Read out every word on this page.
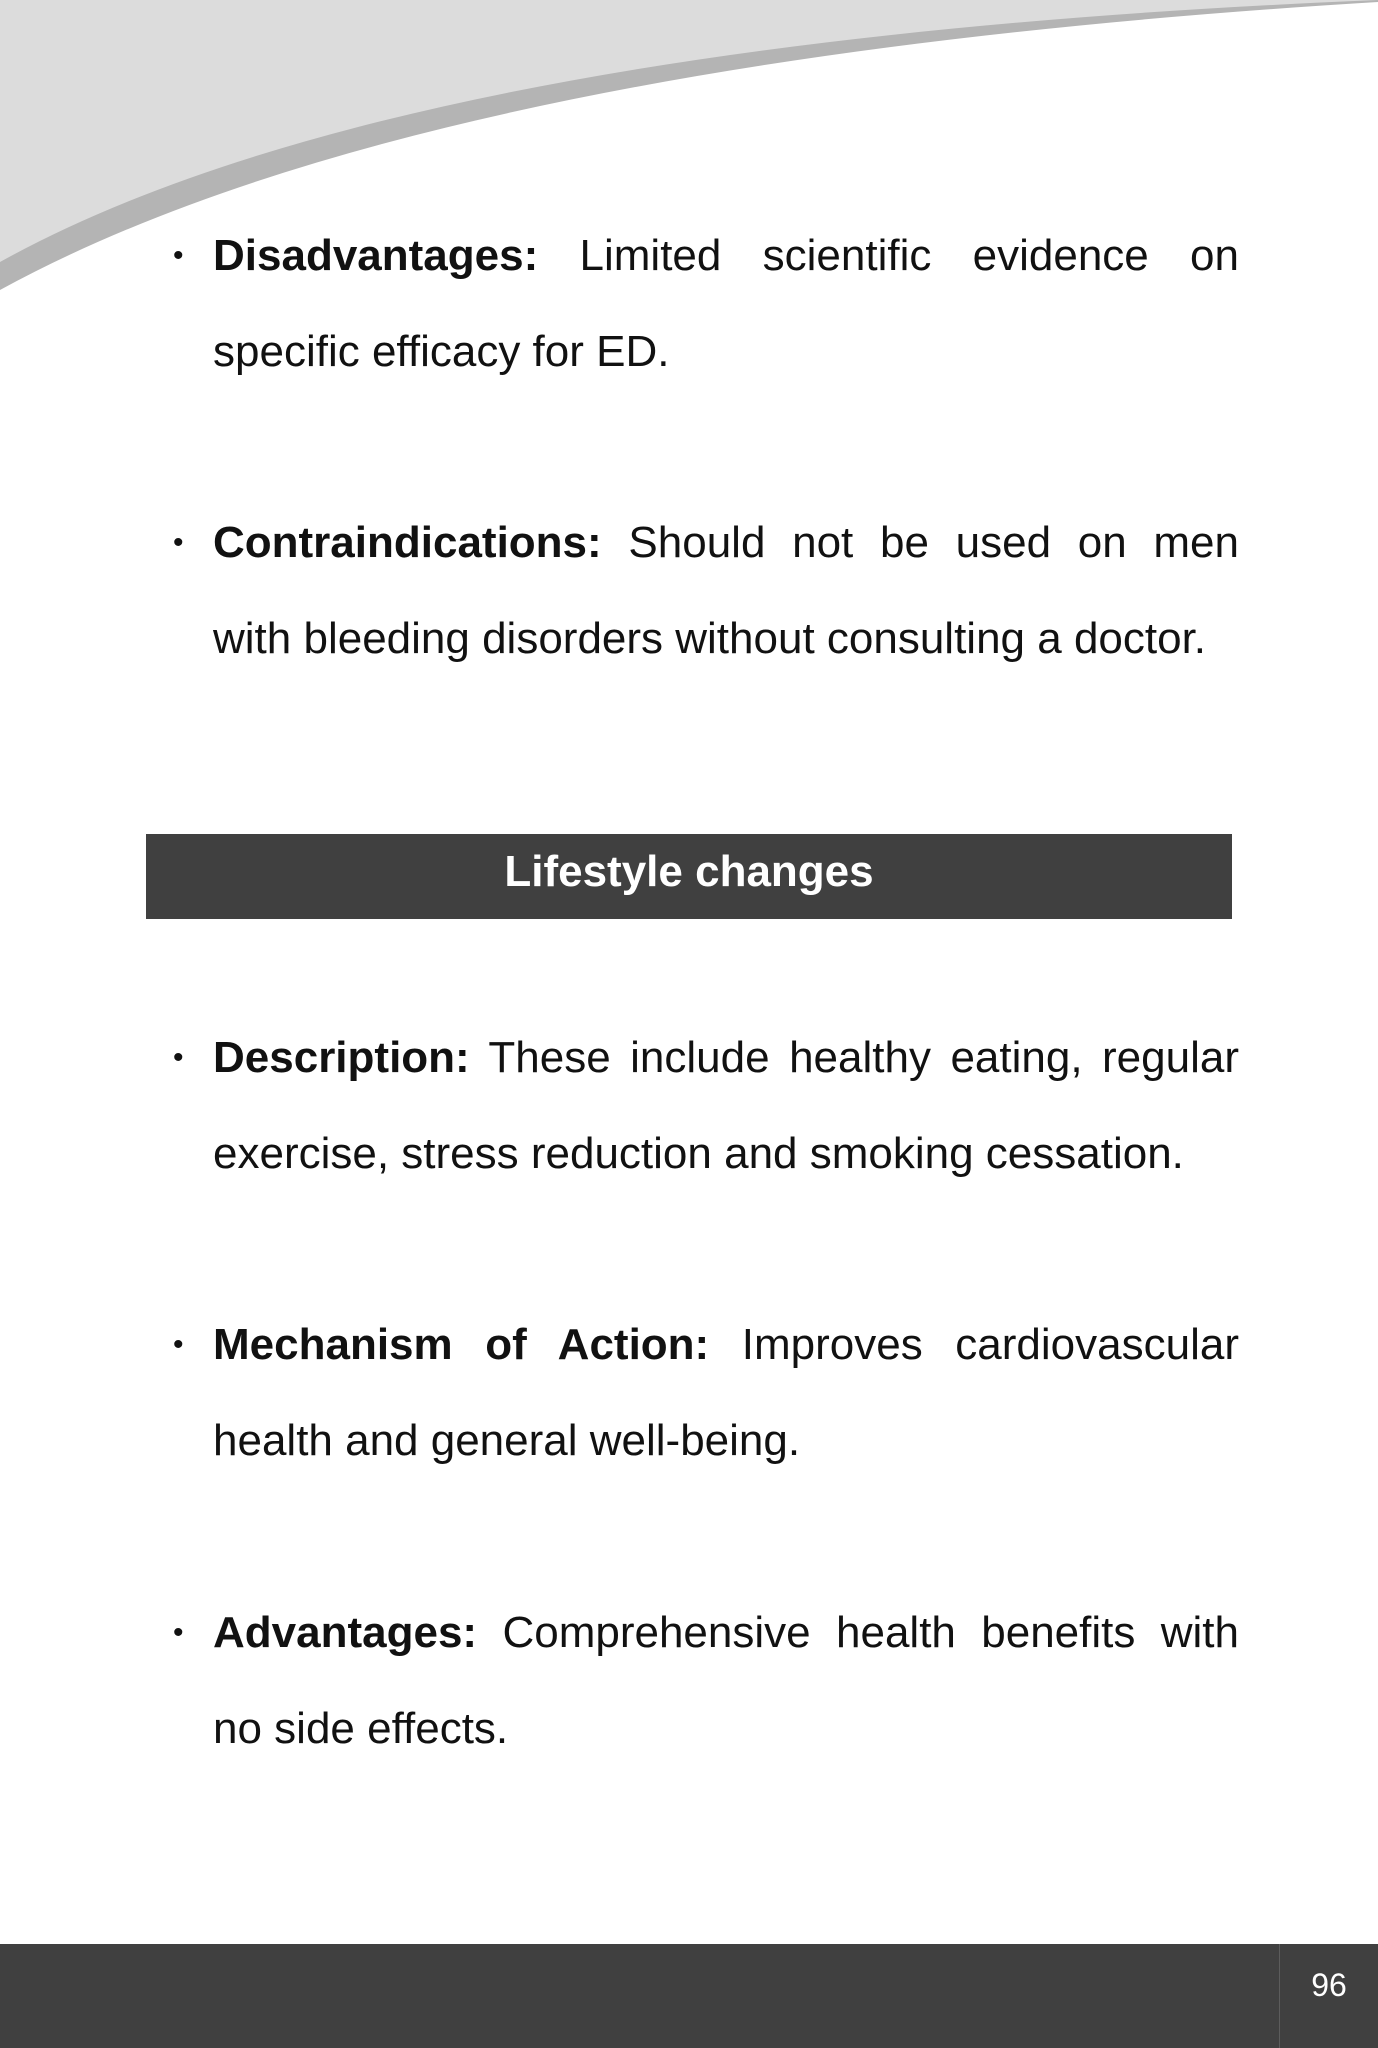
• Disadvantages: Limited scientific evidence on specific efficacy for ED.

• Contraindications: Should not be used on men with bleeding disorders without consulting a doctor.

Lifestyle changes

• Description: These include healthy eating, regular exercise, stress reduction and smoking cessation.

• Mechanism of Action: Improves cardiovascular health and general well-being.

• Advantages: Comprehensive health benefits with no side effects.

96
